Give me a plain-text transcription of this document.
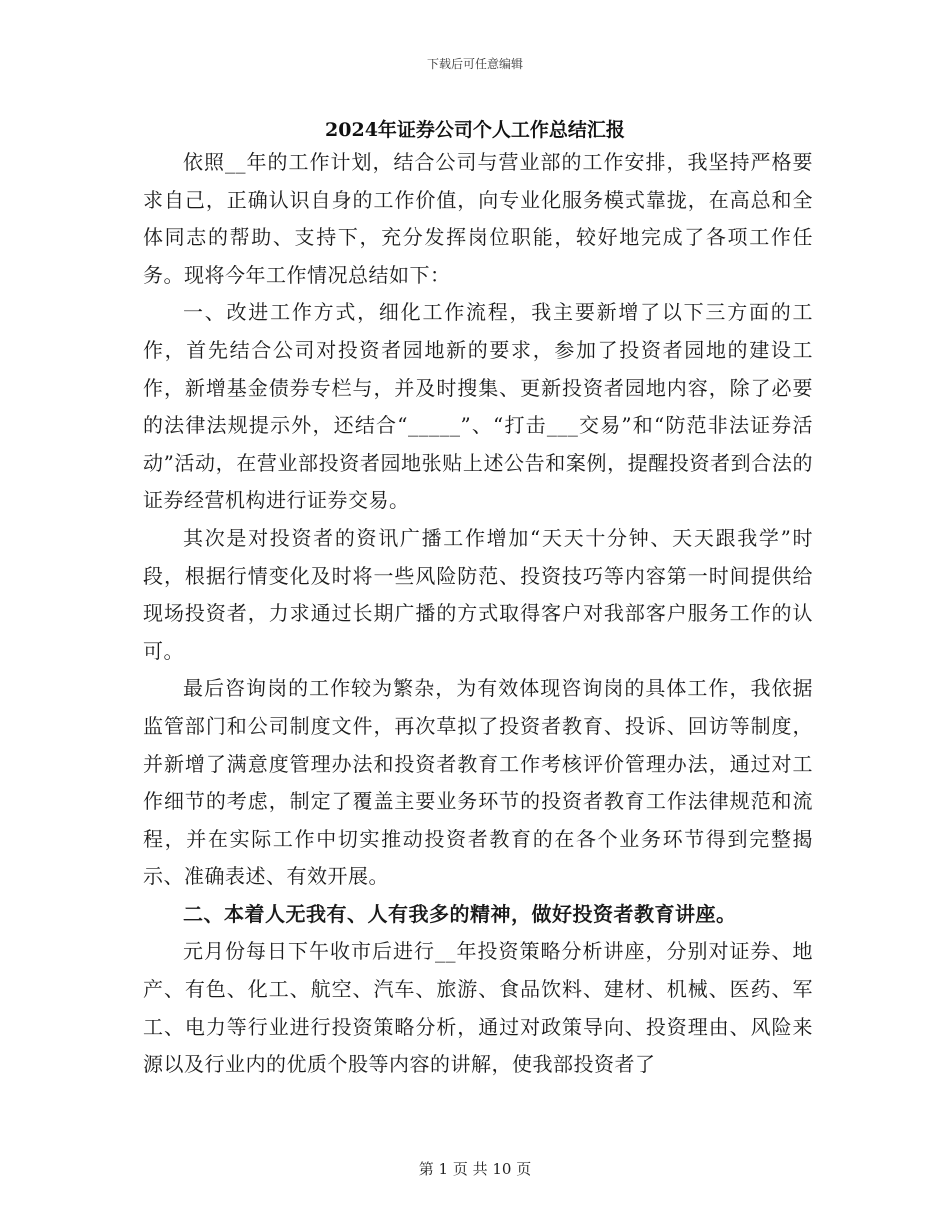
下载后可任意编辑
2024年证券公司个人工作总结汇报

依照__年的工作计划，结合公司与营业部的工作安排，我坚持严格要求自己，正确认识自身的工作价值，向专业化服务模式靠拢，在高总和全体同志的帮助、支持下，充分发挥岗位职能，较好地完成了各项工作任务。现将今年工作情况总结如下：

一、改进工作方式，细化工作流程，我主要新增了以下三方面的工作，首先结合公司对投资者园地新的要求，参加了投资者园地的建设工作，新增基金债券专栏与，并及时搜集、更新投资者园地内容，除了必要的法律法规提示外，还结合“_____”、“打击___交易”和“防范非法证券活动”活动，在营业部投资者园地张贴上述公告和案例，提醒投资者到合法的证券经营机构进行证券交易。

其次是对投资者的资讯广播工作增加“天天十分钟、天天跟我学”时段，根据行情变化及时将一些风险防范、投资技巧等内容第一时间提供给现场投资者，力求通过长期广播的方式取得客户对我部客户服务工作的认可。

最后咨询岗的工作较为繁杂，为有效体现咨询岗的具体工作，我依据监管部门和公司制度文件，再次草拟了投资者教育、投诉、回访等制度，并新增了满意度管理办法和投资者教育工作考核评价管理办法，通过对工作细节的考虑，制定了覆盖主要业务环节的投资者教育工作法律规范和流程，并在实际工作中切实推动投资者教育的在各个业务环节得到完整揭示、准确表述、有效开展。

二、本着人无我有、人有我多的精神，做好投资者教育讲座。

元月份每日下午收市后进行__年投资策略分析讲座，分别对证券、地产、有色、化工、航空、汽车、旅游、食品饮料、建材、机械、医药、军工、电力等行业进行投资策略分析，通过对政策导向、投资理由、风险来源以及行业内的优质个股等内容的讲解，使我部投资者了

第 1 页 共 10 页
